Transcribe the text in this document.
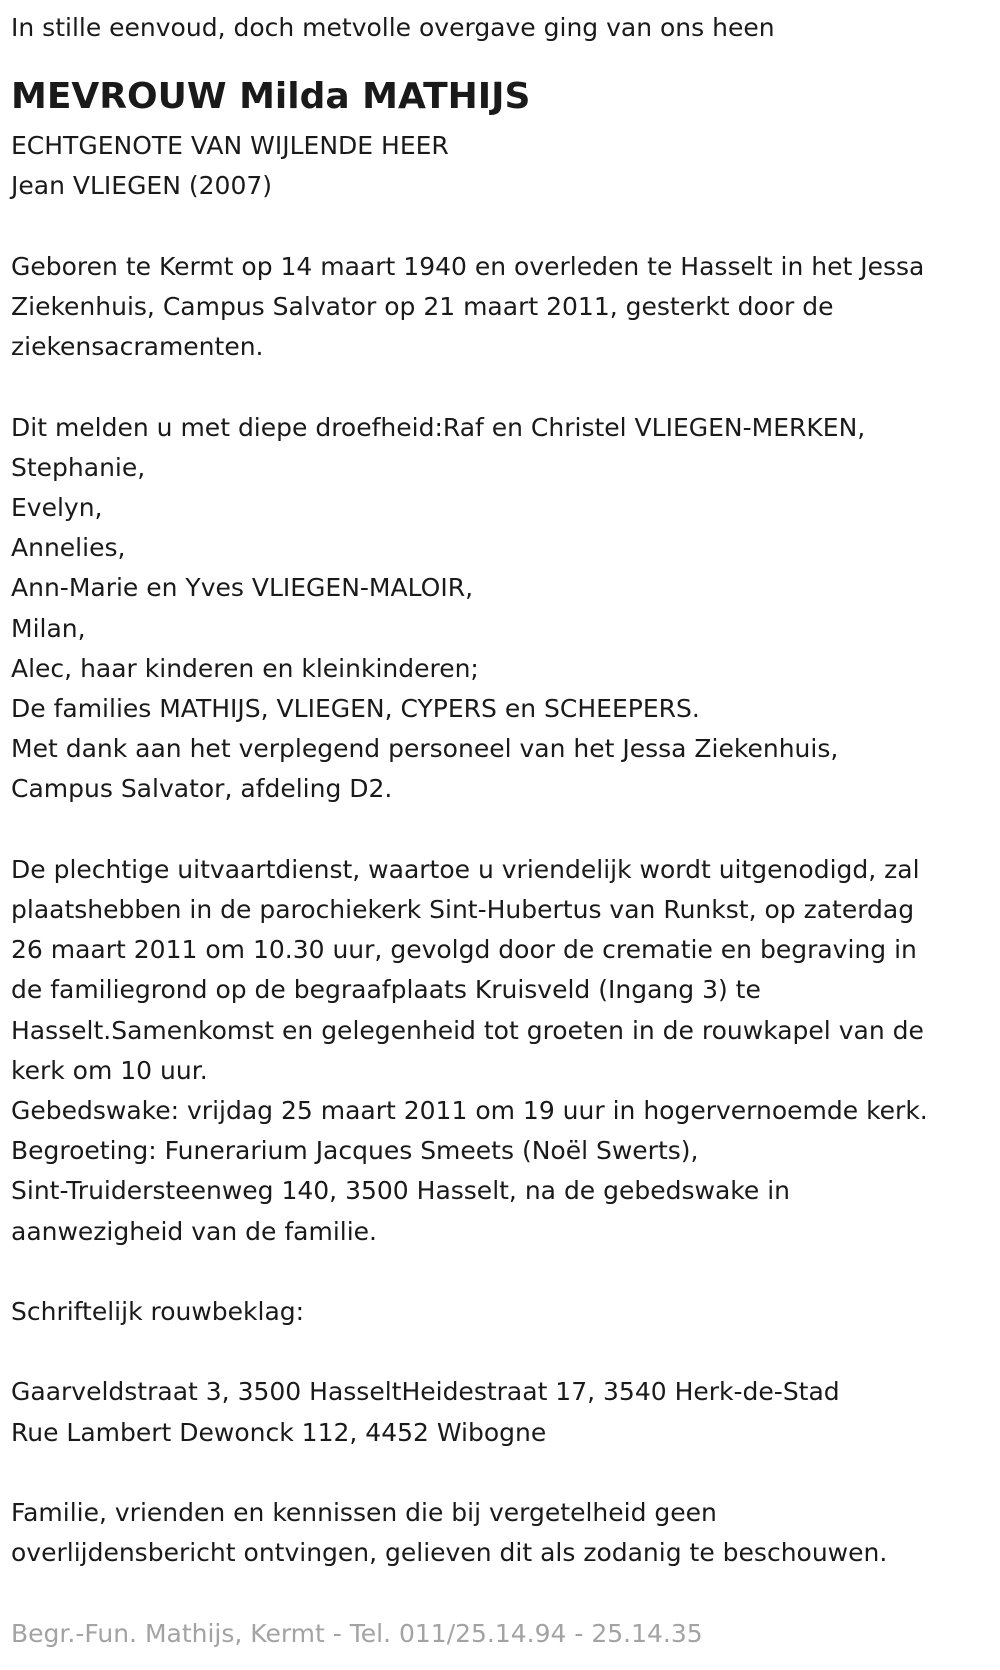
In stille eenvoud, doch metvolle overgave ging van ons heen

MEVROUW Milda MATHIJS

ECHTGENOTE VAN WIJLENDE HEER

Jean VLIEGEN (2007)

Geboren te Kermt op 14 maart 1940 en overleden te Hasselt in het Jessa

Ziekenhuis, Campus Salvator op 21 maart 2011, gesterkt door de

ziekensacramenten.

Dit melden u met diepe droefheid:Raf en Christel VLIEGEN-MERKEN,

Stephanie,

Evelyn,

Annelies,

Ann-Marie en Yves VLIEGEN-MALOIR,

Milan,

Alec, haar kinderen en kleinkinderen;

De families MATHIJS, VLIEGEN, CYPERS en SCHEEPERS.

Met dank aan het verplegend personeel van het Jessa Ziekenhuis,

Campus Salvator, afdeling D2.

De plechtige uitvaartdienst, waartoe u vriendelijk wordt uitgenodigd, zal

plaatshebben in de parochiekerk Sint-Hubertus van Runkst, op zaterdag

26 maart 2011 om 10.30 uur, gevolgd door de crematie en begraving in

de familiegrond op de begraafplaats Kruisveld (Ingang 3) te

Hasselt.Samenkomst en gelegenheid tot groeten in de rouwkapel van de

kerk om 10 uur.

Gebedswake: vrijdag 25 maart 2011 om 19 uur in hogervernoemde kerk.

Begroeting: Funerarium Jacques Smeets (Noël Swerts),

Sint-Truidersteenweg 140, 3500 Hasselt, na de gebedswake in

aanwezigheid van de familie.

Schriftelijk rouwbeklag:

Gaarveldstraat 3, 3500 HasseltHeidestraat 17, 3540 Herk-de-Stad

Rue Lambert Dewonck 112, 4452 Wibogne

Familie, vrienden en kennissen die bij vergetelheid geen

overlijdensbericht ontvingen, gelieven dit als zodanig te beschouwen.

Begr.-Fun. Mathijs, Kermt - Tel. 011/25.14.94 - 25.14.35
